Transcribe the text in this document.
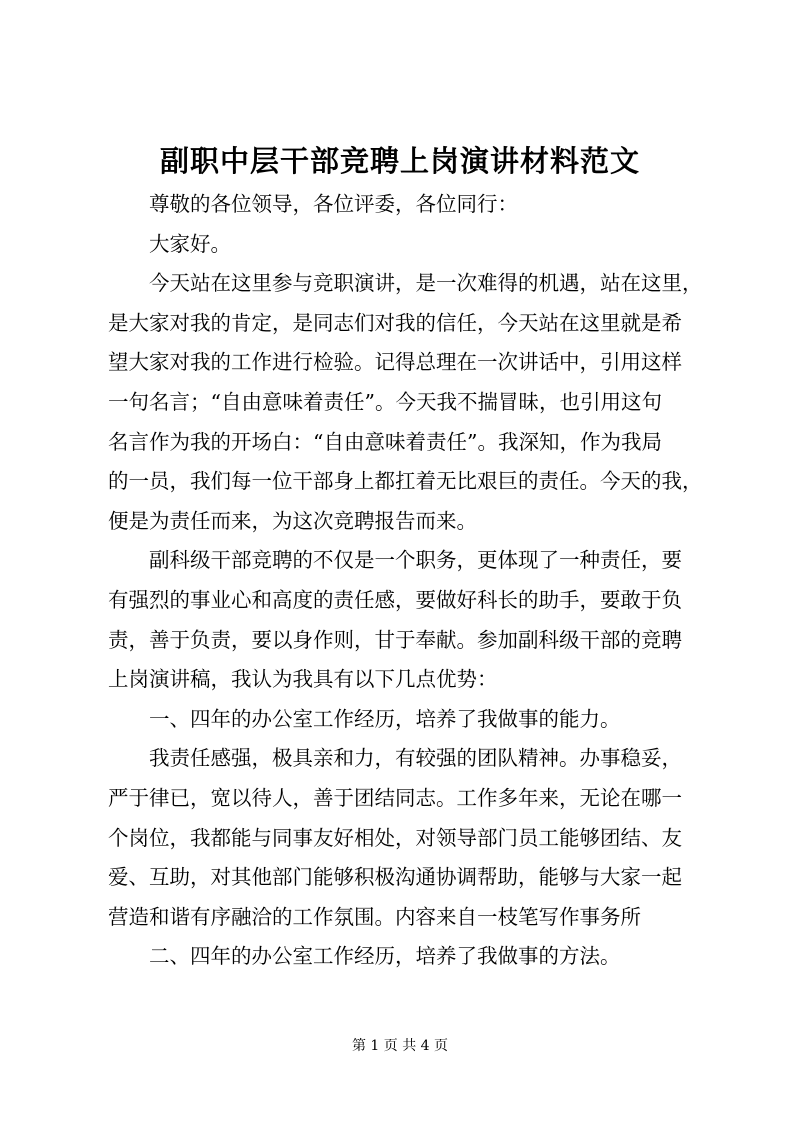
副职中层干部竞聘上岗演讲材料范文

尊敬的各位领导，各位评委，各位同行：

大家好。

今天站在这里参与竞职演讲，是一次难得的机遇，站在这里，
是大家对我的肯定，是同志们对我的信任，今天站在这里就是希
望大家对我的工作进行检验。记得总理在一次讲话中，引用这样
一句名言；“自由意味着责任”。今天我不揣冒昧，也引用这句
名言作为我的开场白：“自由意味着责任”。我深知，作为我局
的一员，我们每一位干部身上都扛着无比艰巨的责任。今天的我，
便是为责任而来，为这次竞聘报告而来。

副科级干部竞聘的不仅是一个职务，更体现了一种责任，要
有强烈的事业心和高度的责任感，要做好科长的助手，要敢于负
责，善于负责，要以身作则，甘于奉献。参加副科级干部的竞聘
上岗演讲稿，我认为我具有以下几点优势：

一、四年的办公室工作经历，培养了我做事的能力。

我责任感强，极具亲和力，有较强的团队精神。办事稳妥，
严于律已，宽以待人，善于团结同志。工作多年来，无论在哪一
个岗位，我都能与同事友好相处，对领导部门员工能够团结、友
爱、互助，对其他部门能够积极沟通协调帮助，能够与大家一起
营造和谐有序融洽的工作氛围。内容来自一枝笔写作事务所

二、四年的办公室工作经历，培养了我做事的方法。

第 1 页 共 4 页
